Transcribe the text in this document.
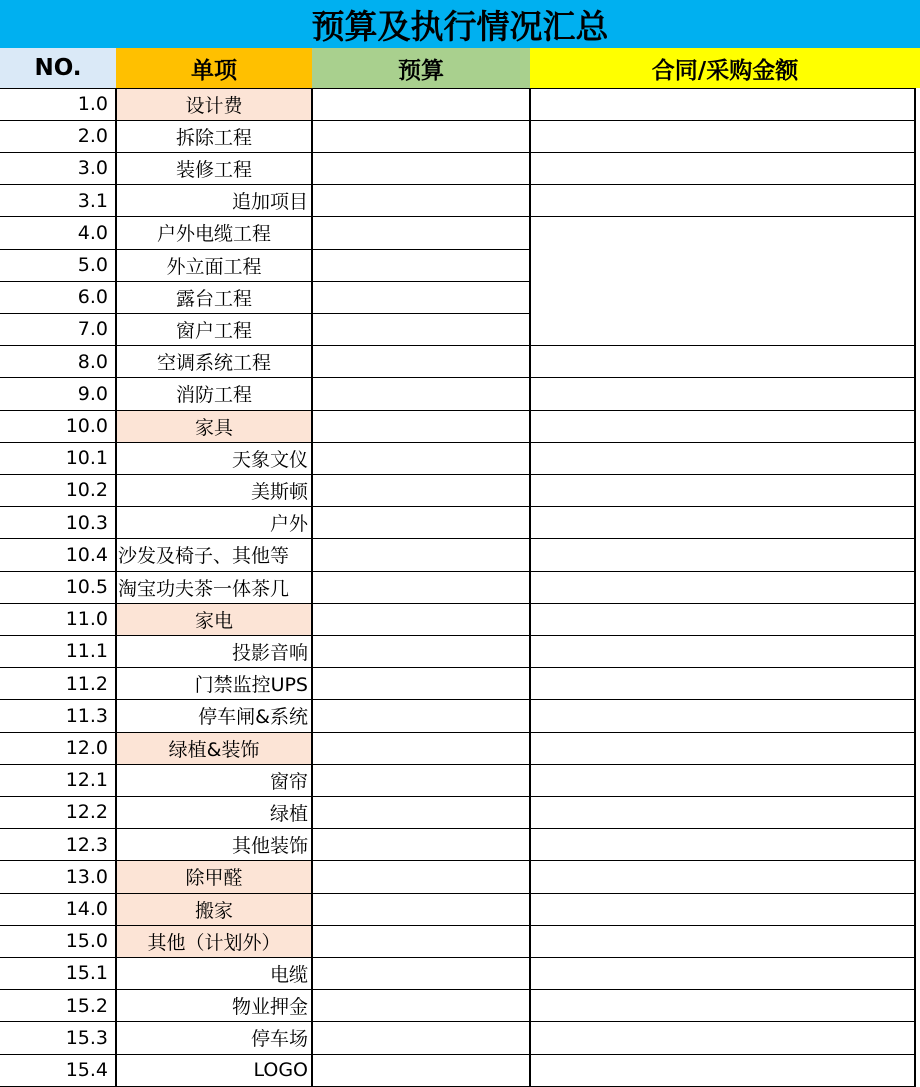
预算及执行情况汇总
NO.	单项	预算	合同/采购金额
1.0	设计费
2.0	拆除工程
3.0	装修工程
3.1	追加项目
4.0	户外电缆工程
5.0	外立面工程
6.0	露台工程
7.0	窗户工程
8.0	空调系统工程
9.0	消防工程
10.0	家具
10.1	天象文仪
10.2	美斯顿
10.3	户外
10.4 沙发及椅子、其他等
10.5 淘宝功夫茶一体茶几
11.0	家电
11.1	投影音响
11.2	门禁监控UPS
11.3	停车闸&系统
12.0	绿植&装饰
12.1	窗帘
12.2	绿植
12.3	其他装饰
13.0	除甲醛
14.0	搬家
15.0	其他（计划外）
15.1	电缆
15.2	物业押金
15.3	停车场
15.4	LOGO
